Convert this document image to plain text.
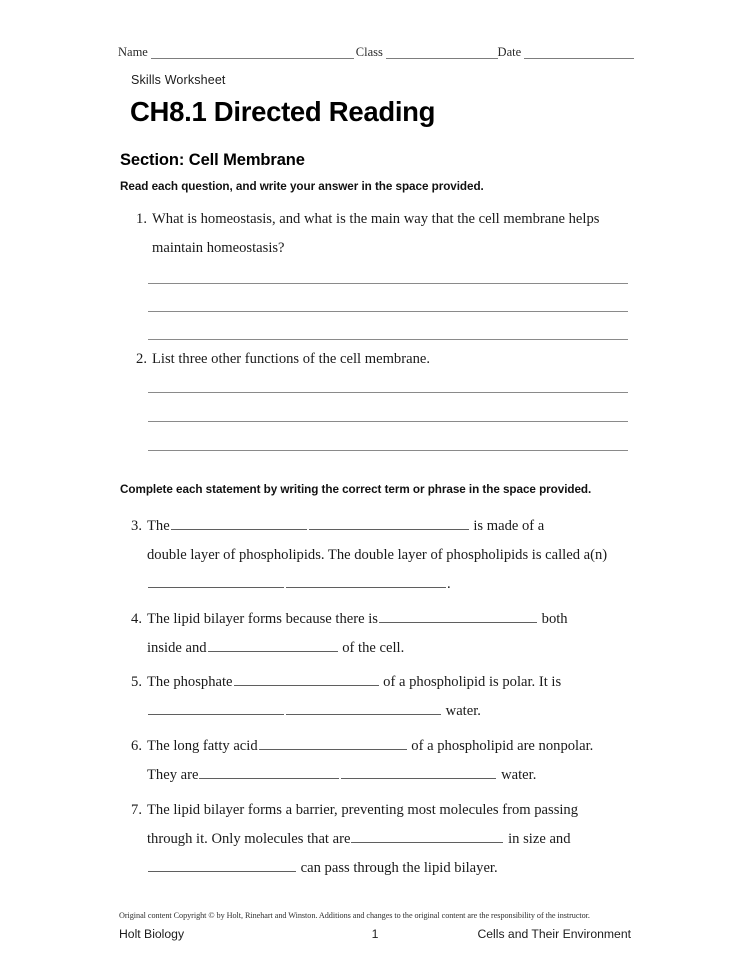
Name	Class	Date
Skills Worksheet
CH8.1 Directed Reading
Section: Cell Membrane
Read each question, and write your answer in the space provided.
1. What is homeostasis, and what is the main way that the cell membrane helps
maintain homeostasis?
2. List three other functions of the cell membrane.
Complete each statement by writing the correct term or phrase in the space provided.
3. The	is made of a
double layer of phospholipids. The double layer of phospholipids is called a(n)
.
4. The lipid bilayer forms because there is	both
inside and	of the cell.
5. The phosphate	of a phospholipid is polar. It is
water.
6. The long fatty acid	of a phospholipid are nonpolar.
They are	water.
7. The lipid bilayer forms a barrier, preventing most molecules from passing
through it. Only molecules that are	in size and
can pass through the lipid bilayer.
Original content Copyright © by Holt, Rinehart and Winston. Additions and changes to the original content are the responsibility of the instructor.
Holt Biology	1	Cells and Their Environment
